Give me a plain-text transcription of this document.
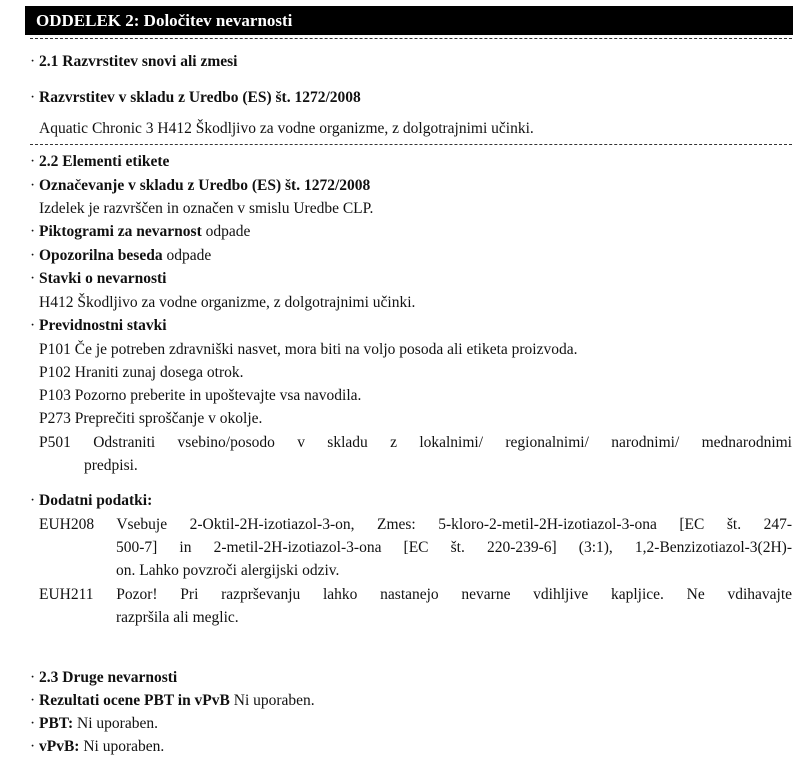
ODDELEK 2: Določitev nevarnosti
· 2.1 Razvrstitev snovi ali zmesi
· Razvrstitev v skladu z Uredbo (ES) št. 1272/2008
Aquatic Chronic 3 H412 Škodljivo za vodne organizme, z dolgotrajnimi učinki.
· 2.2 Elementi etikete
· Označevanje v skladu z Uredbo (ES) št. 1272/2008
Izdelek je razvrščen in označen v smislu Uredbe CLP.
· Piktogrami za nevarnost odpade
· Opozorilna beseda odpade
· Stavki o nevarnosti
H412 Škodljivo za vodne organizme, z dolgotrajnimi učinki.
· Previdnostni stavki
P101 Če je potreben zdravniški nasvet, mora biti na voljo posoda ali etiketa proizvoda.
P102 Hraniti zunaj dosega otrok.
P103 Pozorno preberite in upoštevajte vsa navodila.
P273 Preprečiti sproščanje v okolje.
P501 Odstraniti vsebino/posodo v skladu z lokalnimi/ regionalnimi/ narodnimi/ mednarodnimi
predpisi.
· Dodatni podatki:
EUH208 Vsebuje 2-Oktil-2H-izotiazol-3-on, Zmes: 5-kloro-2-metil-2H-izotiazol-3-ona [EC št. 247-
500-7] in 2-metil-2H-izotiazol-3-ona [EC št. 220-239-6] (3:1), 1,2-Benzizotiazol-3(2H)-
on. Lahko povzroči alergijski odziv.
EUH211 Pozor! Pri razprševanju lahko nastanejo nevarne vdihljive kapljice. Ne vdihavajte
razpršila ali meglic.
· 2.3 Druge nevarnosti
· Rezultati ocene PBT in vPvB Ni uporaben.
· PBT: Ni uporaben.
· vPvB: Ni uporaben.
